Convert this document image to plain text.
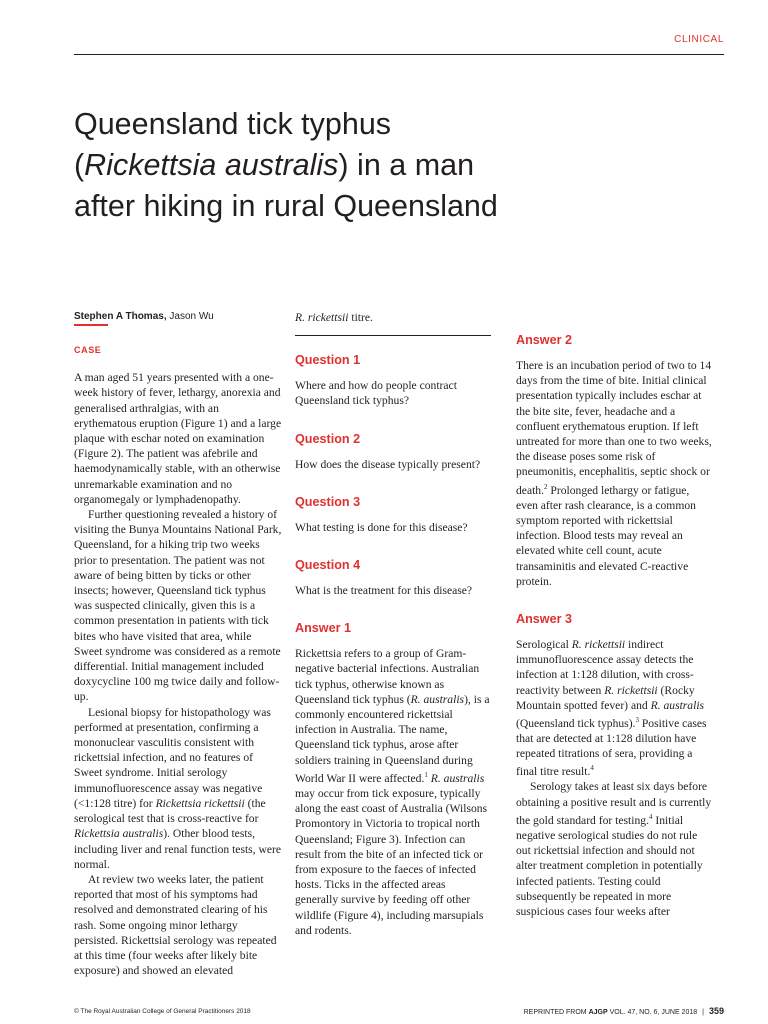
CLINICAL
Queensland tick typhus
(Rickettsia australis) in a man
after hiking in rural Queensland

Stephen A Thomas, Jason Wu

CASE

A man aged 51 years presented with a one-week history of fever, lethargy, anorexia and generalised arthralgias, with an erythematous eruption (Figure 1) and a large plaque with eschar noted on examination (Figure 2). The patient was afebrile and haemodynamically stable, with an otherwise unremarkable examination and no organomegaly or lymphadenopathy.

Further questioning revealed a history of visiting the Bunya Mountains National Park, Queensland, for a hiking trip two weeks prior to presentation. The patient was not aware of being bitten by ticks or other insects; however, Queensland tick typhus was suspected clinically, given this is a common presentation in patients with tick bites who have visited that area, while Sweet syndrome was considered as a remote differential. Initial management included doxycycline 100 mg twice daily and follow-up.

Lesional biopsy for histopathology was performed at presentation, confirming a mononuclear vasculitis consistent with rickettsial infection, and no features of Sweet syndrome. Initial serology immunofluorescence assay was negative (<1:128 titre) for Rickettsia rickettsii (the serological test that is cross-reactive for Rickettsia australis). Other blood tests, including liver and renal function tests, were normal.

At review two weeks later, the patient reported that most of his symptoms had resolved and demonstrated clearing of his rash. Some ongoing minor lethargy persisted. Rickettsial serology was repeated at this time (four weeks after likely bite exposure) and showed an elevated

R. rickettsii titre.

Question 1

Where and how do people contract Queensland tick typhus?

Question 2

How does the disease typically present?

Question 3

What testing is done for this disease?

Question 4

What is the treatment for this disease?

Answer 1

Rickettsia refers to a group of Gram-negative bacterial infections. Australian tick typhus, otherwise known as Queensland tick typhus (R. australis), is a commonly encountered rickettsial infection in Australia. The name, Queensland tick typhus, arose after soldiers training in Queensland during World War II were affected.$^1$ R. australis may occur from tick exposure, typically along the east coast of Australia (Wilsons Promontory in Victoria to tropical north Queensland; Figure 3). Infection can result from the bite of an infected tick or from exposure to the faeces of infected hosts. Ticks in the affected areas generally survive by feeding off other wildlife (Figure 4), including marsupials and rodents.

Answer 2

There is an incubation period of two to 14 days from the time of bite. Initial clinical presentation typically includes eschar at the bite site, fever, headache and a confluent erythematous eruption. If left untreated for more than one to two weeks, the disease poses some risk of pneumonitis, encephalitis, septic shock or death.$^2$ Prolonged lethargy or fatigue, even after rash clearance, is a common symptom reported with rickettsial infection. Blood tests may reveal an elevated white cell count, acute transaminitis and elevated C-reactive protein.

Answer 3

Serological R. rickettsii indirect immunofluorescence assay detects the infection at 1:128 dilution, with cross-reactivity between R. rickettsii (Rocky Mountain spotted fever) and R. australis (Queensland tick typhus).$^3$ Positive cases that are detected at 1:128 dilution have repeated titrations of sera, providing a final titre result.$^4$

Serology takes at least six days before obtaining a positive result and is currently the gold standard for testing.$^4$ Initial negative serological studies do not rule out rickettsial infection and should not alter treatment completion in potentially infected patients. Testing could subsequently be repeated in more suspicious cases four weeks after

© The Royal Australian College of General Practitioners 2018	REPRINTED FROM AJGP VOL. 47, NO. 6, JUNE 2018 | 359
